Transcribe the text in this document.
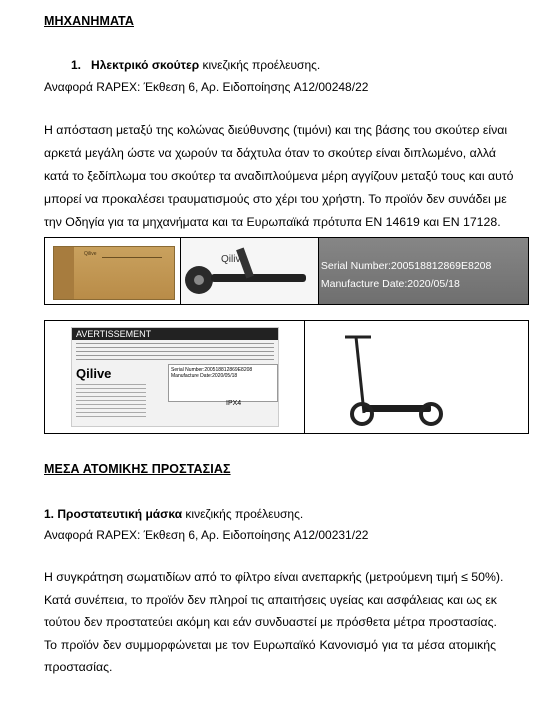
ΜΗΧΑΝΗΜΑΤΑ
1. Ηλεκτρικό σκούτερ κινεζικής προέλευσης.
Αναφορά RAPEX: Έκθεση 6, Αρ. Ειδοποίησης A12/00248/22
Η απόσταση μεταξύ της κολώνας διεύθυνσης (τιμόνι) και της βάσης του σκούτερ είναι
αρκετά μεγάλη ώστε να χωρούν τα δάχτυλα όταν το σκούτερ είναι διπλωμένο, αλλά
κατά το ξεδίπλωμα του σκούτερ τα αναδιπλούμενα μέρη αγγίζουν μεταξύ τους και αυτό
μπορεί να προκαλέσει τραυματισμούς στο χέρι του χρήστη. Το προϊόν δεν συνάδει με
την Οδηγία για τα μηχανήματα και τα Ευρωπαϊκά πρότυπα EN 14619 και EN 17128.
Qilive	Qilive
Serial Number:20051881286​9E8208
Manufacture Date:2020/05/18
AVERTISSEMENT
Qilive	Serial Number:20051881286​9E8208
Manufacture Date:2020/05/18
IPX4
ΜΕΣΑ ΑΤΟΜΙΚΗΣ ΠΡΟΣΤΑΣΙΑΣ
1. Προστατευτική μάσκα κινεζικής προέλευσης.
Αναφορά RAPEX: Έκθεση 6, Αρ. Ειδοποίησης A12/00231/22
Η συγκράτηση σωματιδίων από το φίλτρο είναι ανεπαρκής (μετρούμενη τιμή ≤ 50%).
Κατά συνέπεια, το προϊόν δεν πληροί τις απαιτήσεις υγείας και ασφάλειας και ως εκ
τούτου δεν προστατεύει ακόμη και εάν συνδυαστεί με πρόσθετα μέτρα προστασίας.
Το προϊόν δεν συμμορφώνεται με τον Ευρωπαϊκό Κανονισμό για τα μέσα ατομικής
προστασίας.
